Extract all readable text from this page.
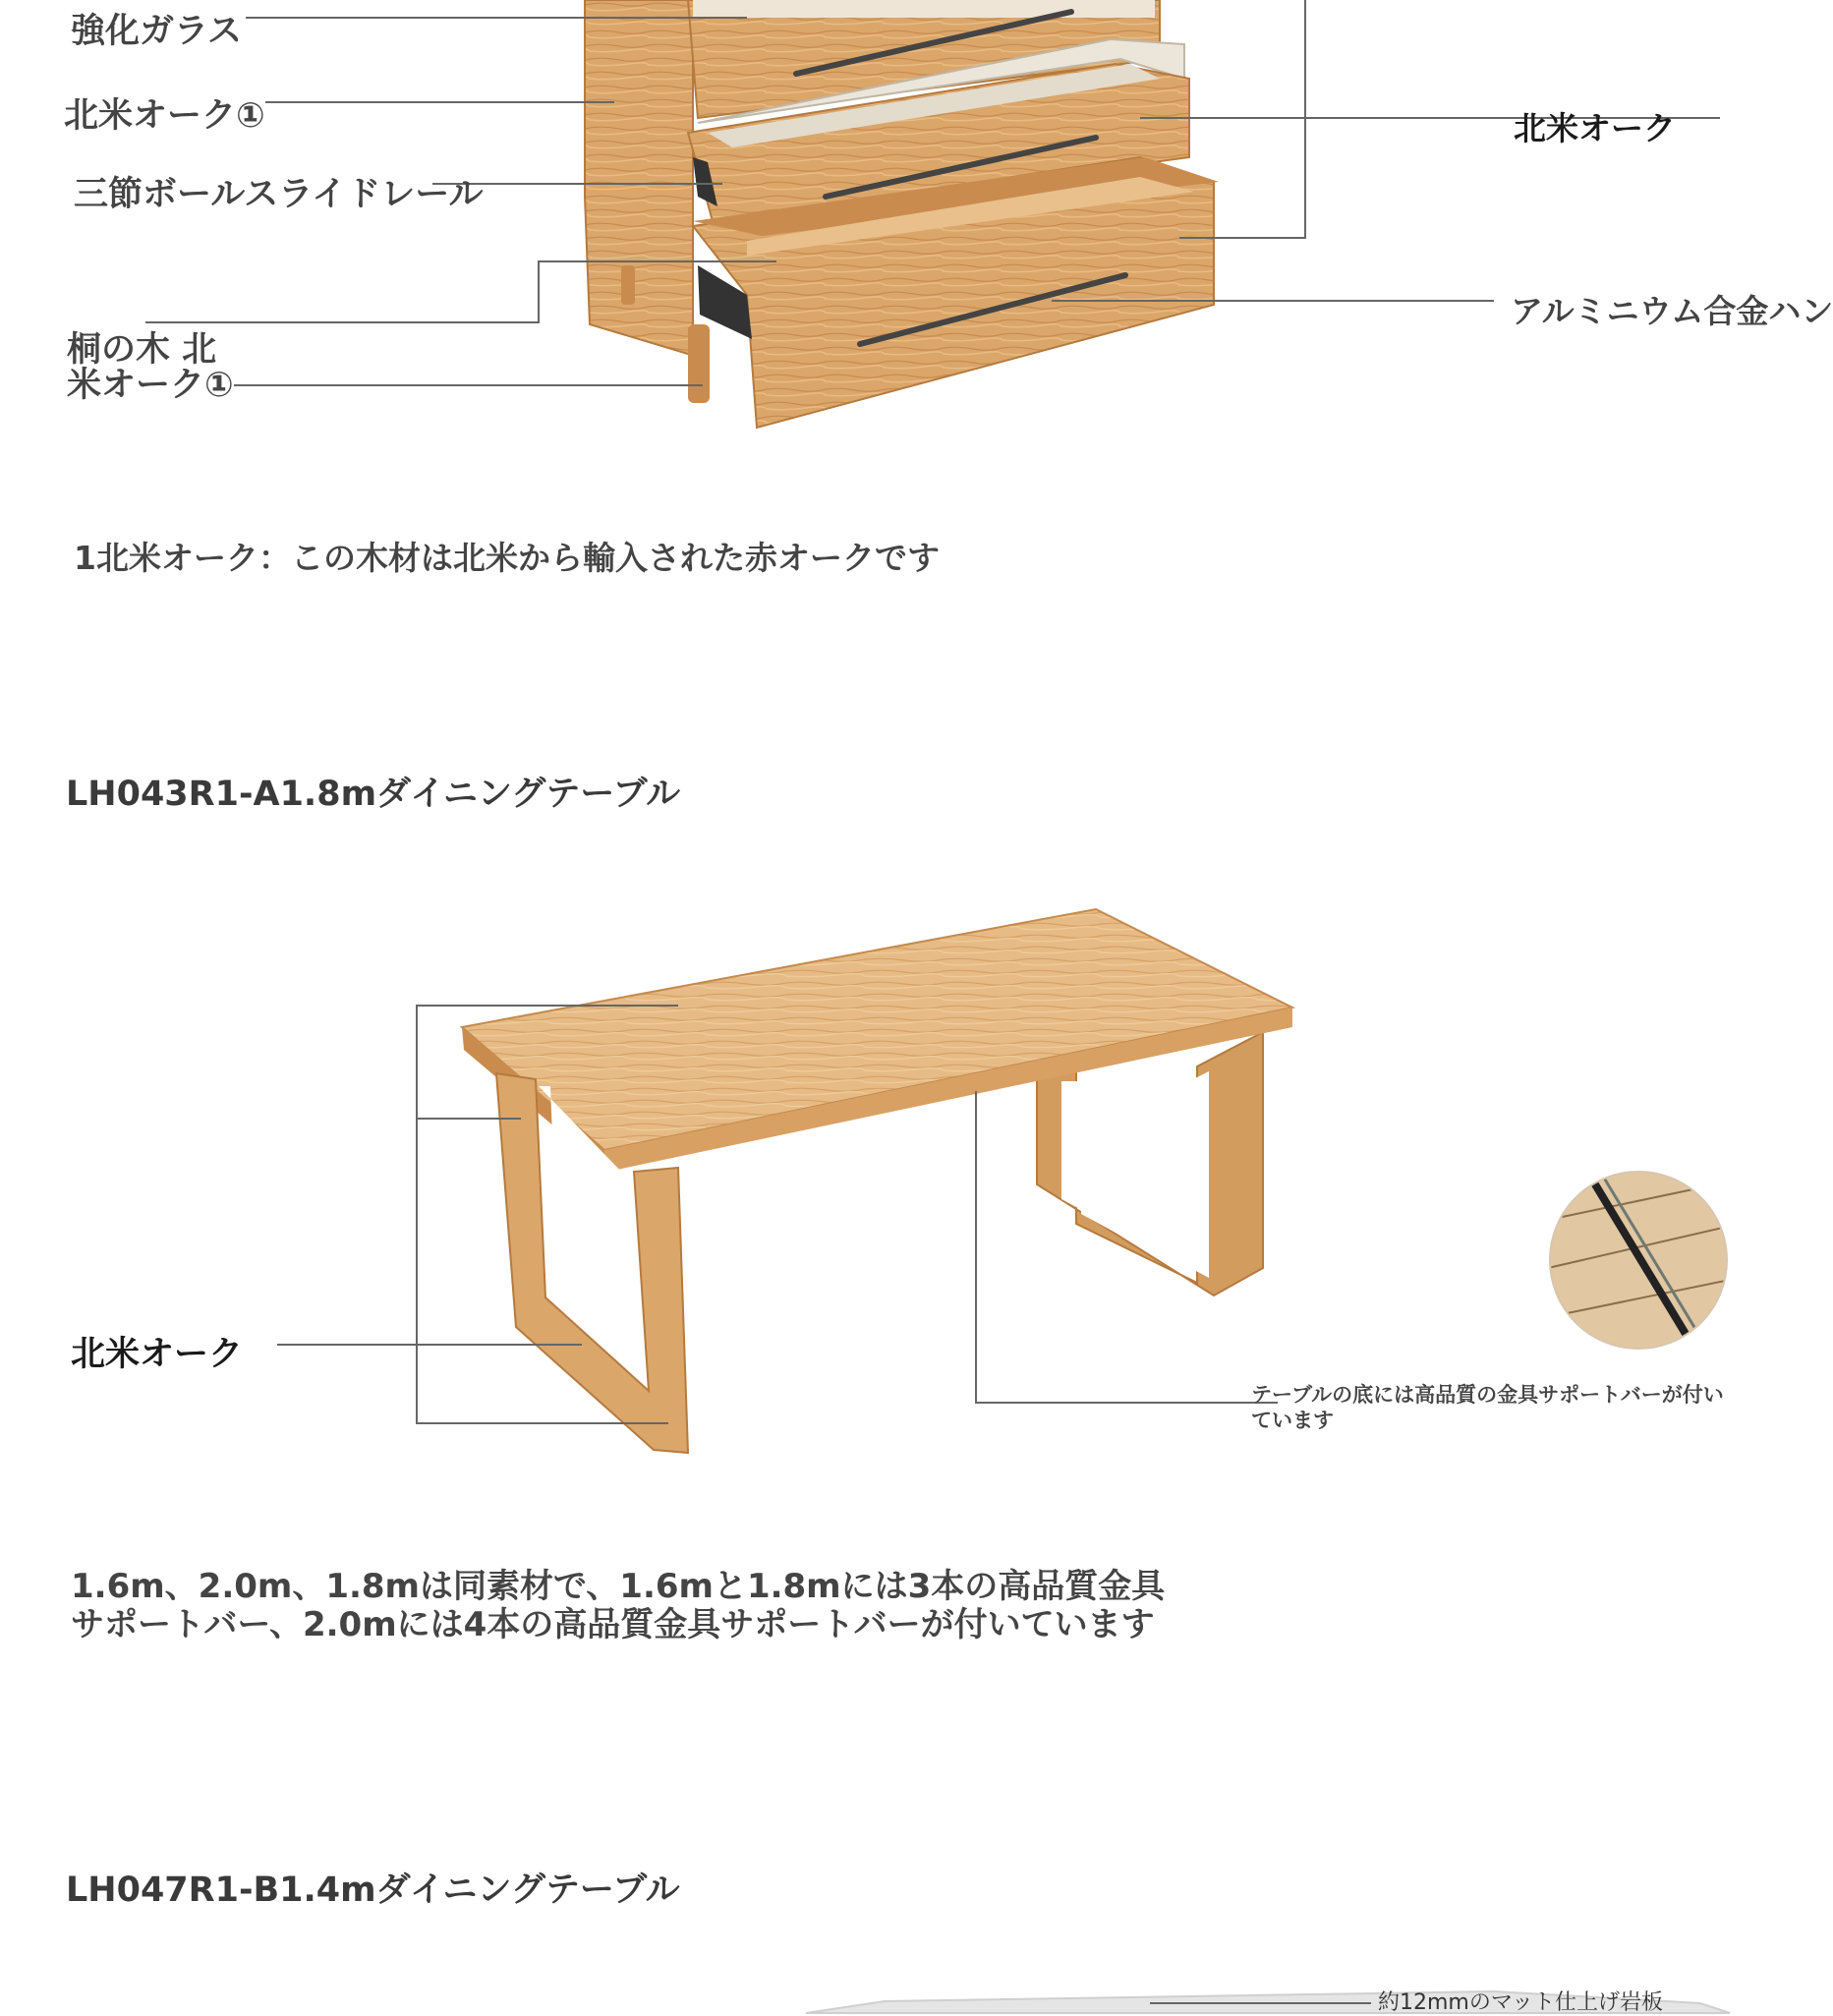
強化ガラス
北米オーク①
三節ボールスライドレール
桐の木 北
米オーク①
北米オーク
アルミニウム合金ハン
1北米オーク：この木材は北米から輸入された赤オークです
LH043R1-A1.8mダイニングテーブル
北米オーク
テーブルの底には高品質の金具サポートバーが付いています
1.6m、2.0m、1.8mは同素材で、1.6mと1.8mには3本の高品質金具
サポートバー、2.0mには4本の高品質金具サポートバーが付いています
LH047R1-B1.4mダイニングテーブル
約12mmのマット仕上げ岩板
